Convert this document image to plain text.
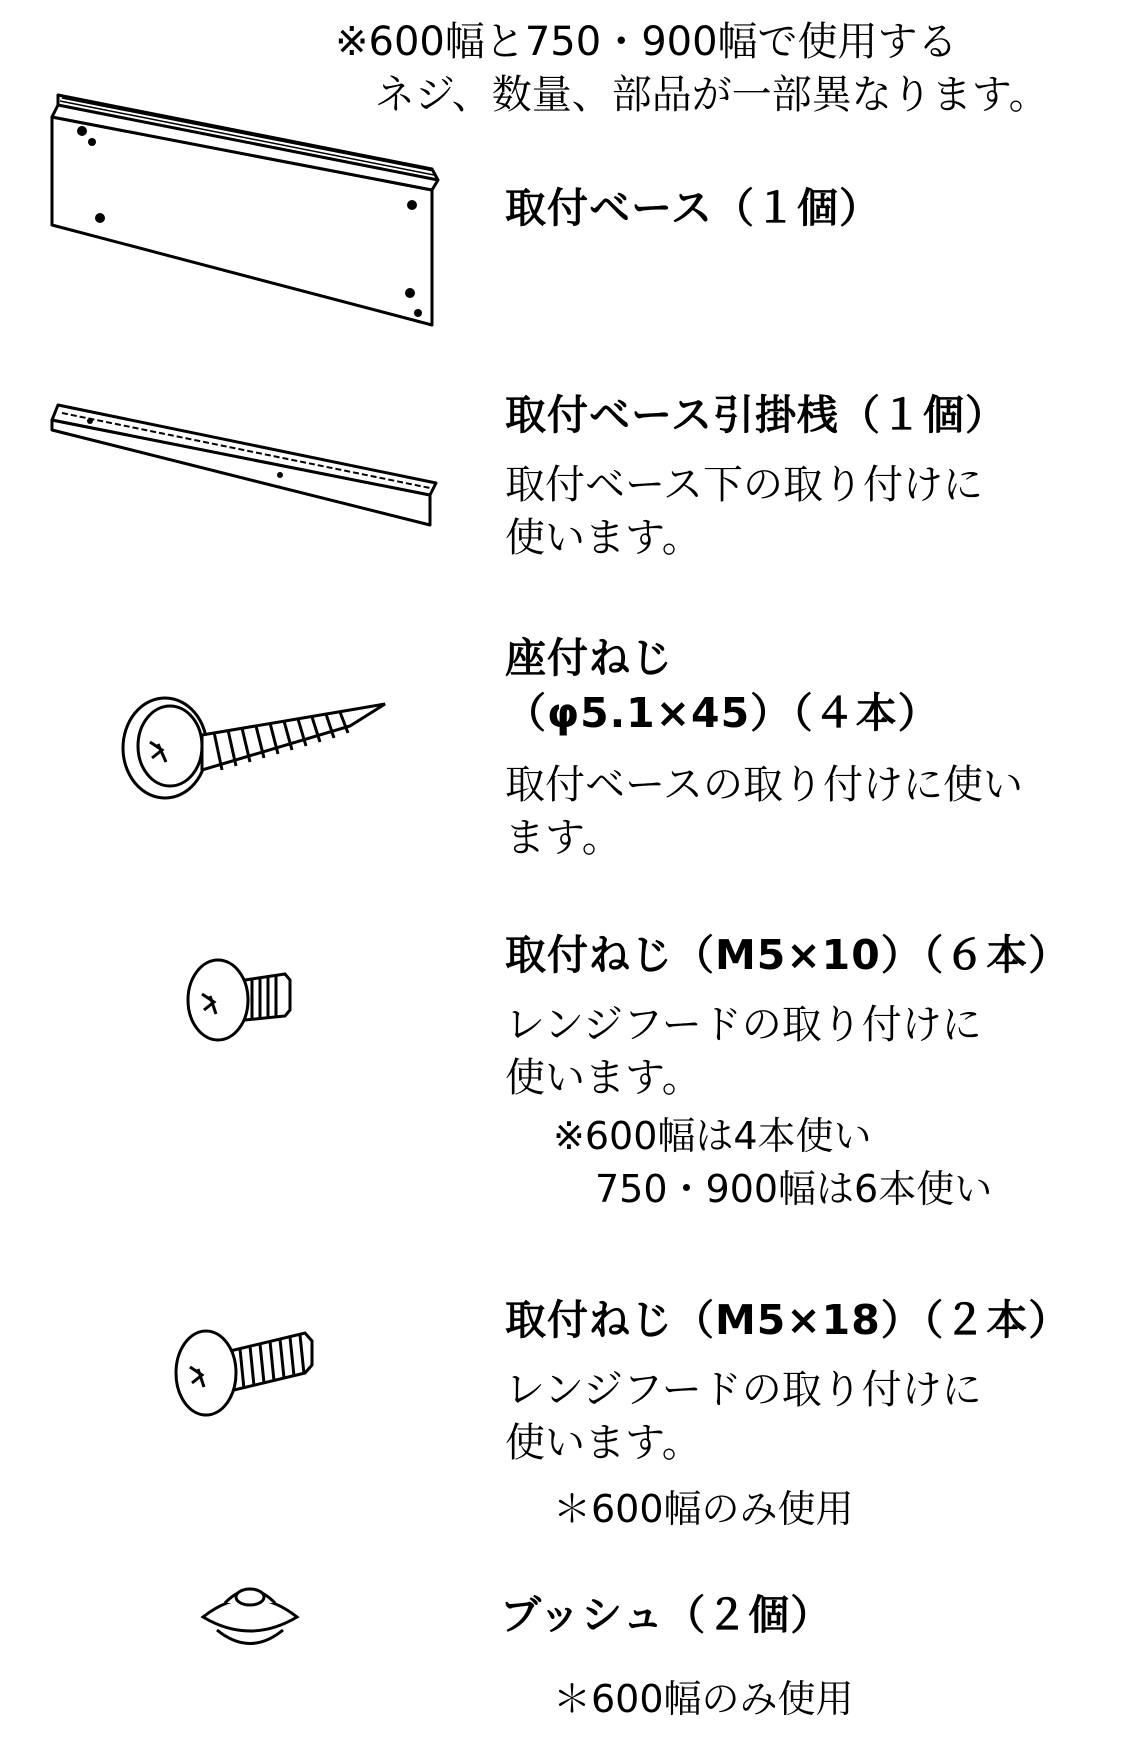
※600幅と750・900幅で使用する
ネジ、数量、部品が一部異なります。
取付ベース（１個）
取付ベース引掛桟（１個）
取付ベース下の取り付けに
使います。
座付ねじ
（φ5.1×45）（４本）
取付ベースの取り付けに使い
ます。
取付ねじ（M5×10）（６本）
レンジフードの取り付けに
使います。
※600幅は4本使い
750・900幅は6本使い
取付ねじ（M5×18）（２本）
レンジフードの取り付けに
使います。
＊600幅のみ使用
ブッシュ（２個）
＊600幅のみ使用
